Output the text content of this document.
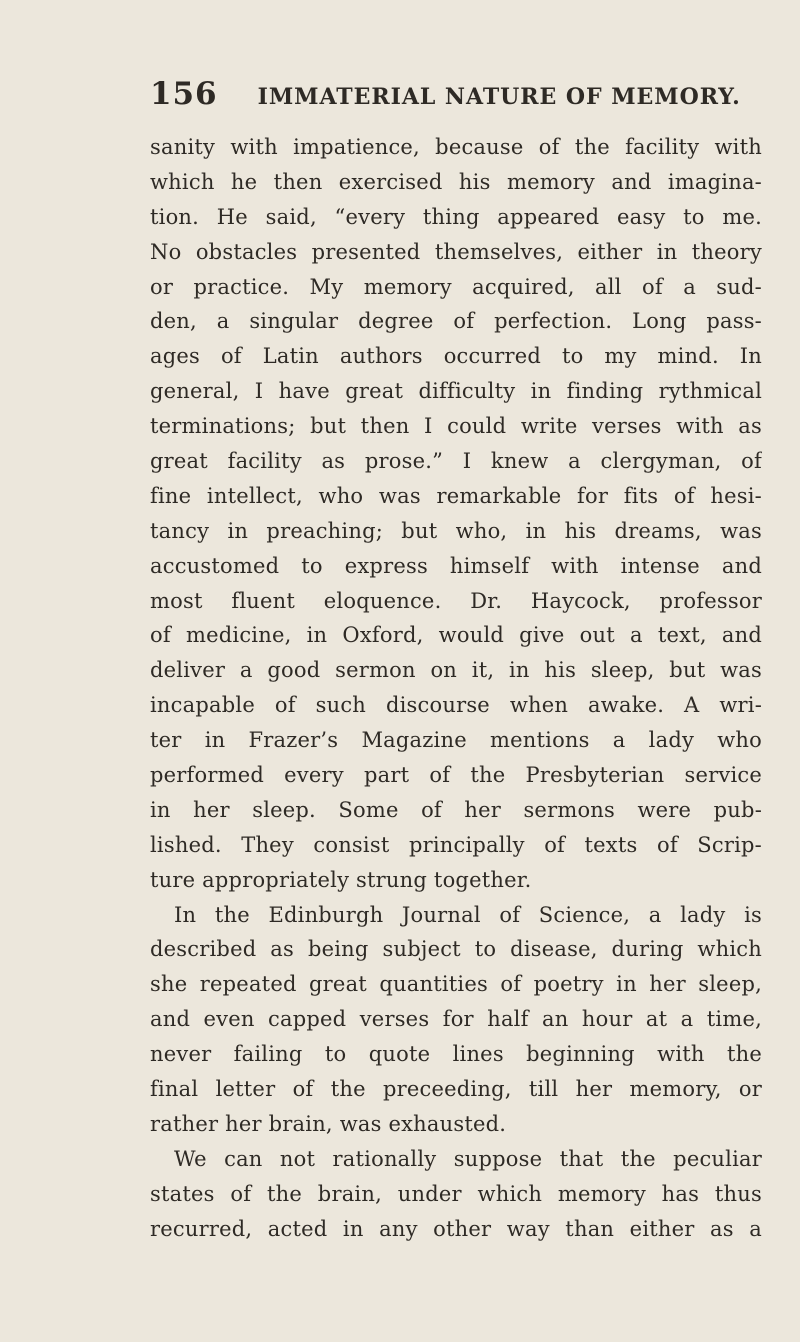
156 IMMATERIAL NATURE OF MEMORY.
sanity with impatience, because of the facility with
which he then exercised his memory and imagina-
tion. He said, “every thing appeared easy to me.
No obstacles presented themselves, either in theory
or practice. My memory acquired, all of a sud-
den, a singular degree of perfection. Long pass-
ages of Latin authors occurred to my mind. In
general, I have great difficulty in finding rythmical
terminations; but then I could write verses with as
great facility as prose.” I knew a clergyman, of
fine intellect, who was remarkable for fits of hesi-
tancy in preaching; but who, in his dreams, was
accustomed to express himself with intense and
most fluent eloquence. Dr. Haycock, professor
of medicine, in Oxford, would give out a text, and
deliver a good sermon on it, in his sleep, but was
incapable of such discourse when awake. A wri-
ter in Frazer’s Magazine mentions a lady who
performed every part of the Presbyterian service
in her sleep. Some of her sermons were pub-
lished. They consist principally of texts of Scrip-
ture appropriately strung together.
In the Edinburgh Journal of Science, a lady is
described as being subject to disease, during which
she repeated great quantities of poetry in her sleep,
and even capped verses for half an hour at a time,
never failing to quote lines beginning with the
final letter of the preceeding, till her memory, or
rather her brain, was exhausted.
We can not rationally suppose that the peculiar
states of the brain, under which memory has thus
recurred, acted in any other way than either as a
